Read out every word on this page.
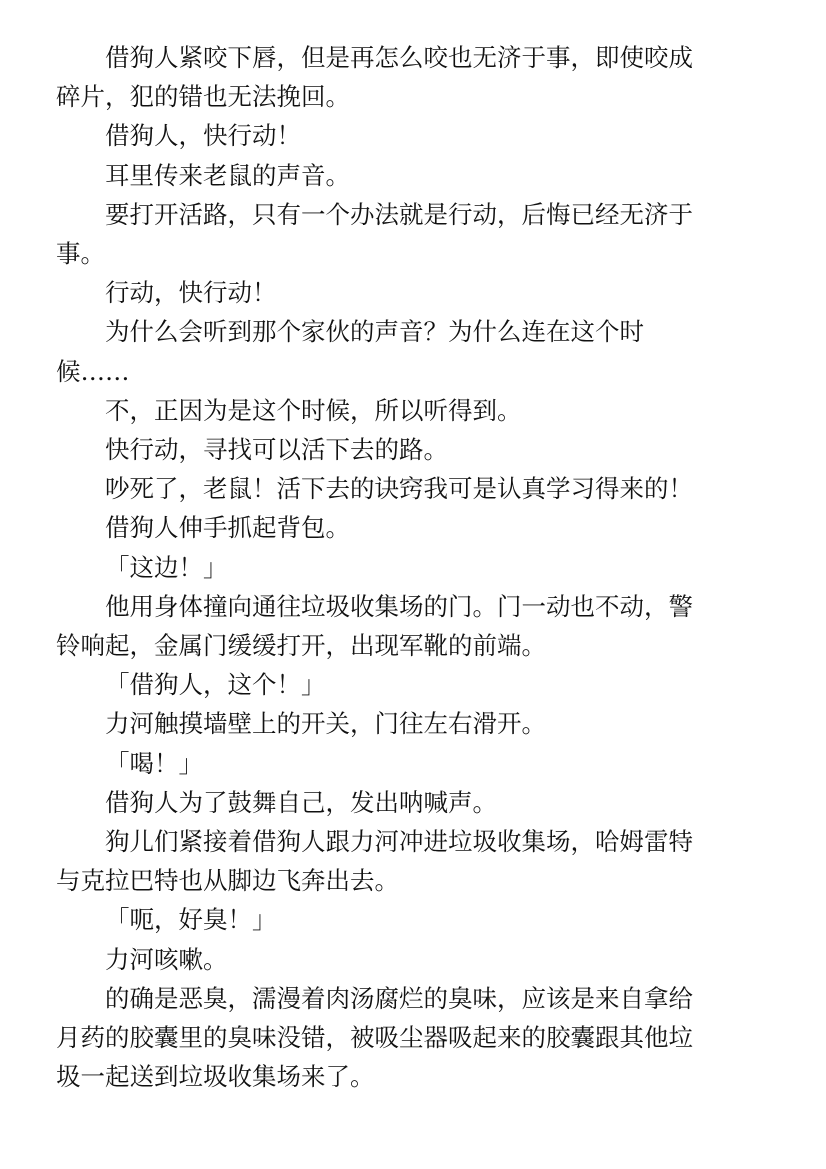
借狗人紧咬下唇，但是再怎么咬也无济于事，即使咬成
碎片，犯的错也无法挽回。
借狗人，快行动！
耳里传来老鼠的声音。
要打开活路，只有一个办法就是行动，后悔已经无济于
事。
行动，快行动！
为什么会听到那个家伙的声音？为什么连在这个时
候……
不，正因为是这个时候，所以听得到。
快行动，寻找可以活下去的路。
吵死了，老鼠！活下去的诀窍我可是认真学习得来的！
借狗人伸手抓起背包。
「这边！」
他用身体撞向通往垃圾收集场的门。门一动也不动，警
铃响起，金属门缓缓打开，出现军靴的前端。
「借狗人，这个！」
力河触摸墙壁上的开关，门往左右滑开。
「喝！」
借狗人为了鼓舞自己，发出呐喊声。
狗儿们紧接着借狗人跟力河冲进垃圾收集场，哈姆雷特
与克拉巴特也从脚边飞奔出去。
「呃，好臭！」
力河咳嗽。
的确是恶臭，濡漫着肉汤腐烂的臭味，应该是来自拿给
月药的胶囊里的臭味没错，被吸尘器吸起来的胶囊跟其他垃
圾一起送到垃圾收集场来了。
